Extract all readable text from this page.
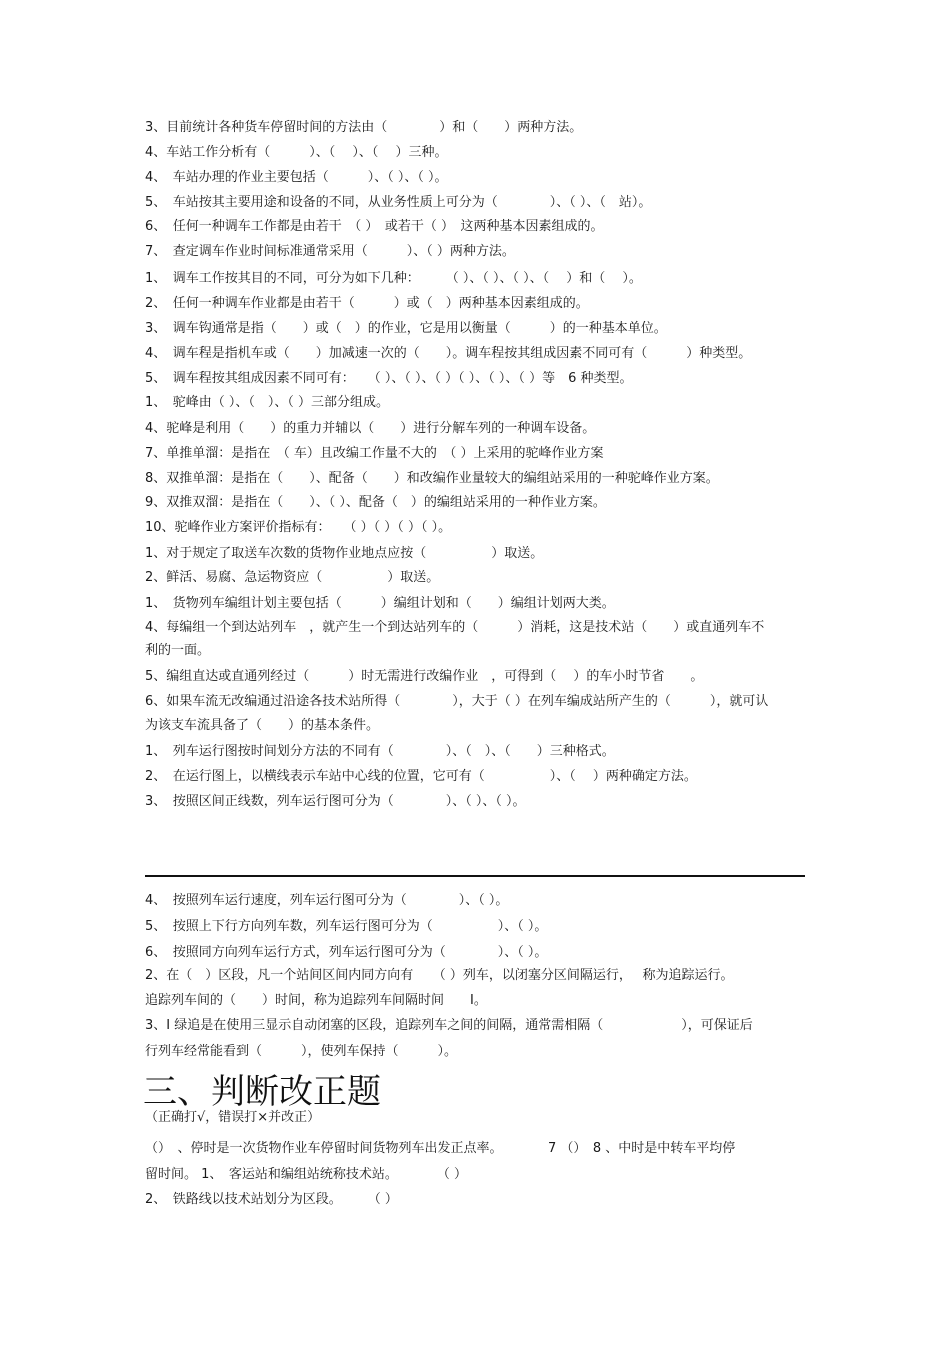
3、目前统计各种货车停留时间的方法由（　　　　）和（　　）两种方法。
4、车站工作分析有（　　　）、（　 ）、（　 ）三种。
4、　车站办理的作业主要包括（　　　）、（ ）、（ ）。
5、　车站按其主要用途和设备的不同，从业务性质上可分为（　　　　）、（ ）、（　站）。
6、　任何一种调车工作都是由若干　（ ）　或若干（ ）　这两种基本因素组成的。
7、　查定调车作业时间标准通常采用（　　　）、（ ）两种方法。
1、　调车工作按其目的不同，可分为如下几种：　　　（ ）、（ ）、（ ）、（　 ）和（　 ）。
2、　任何一种调车作业都是由若干（　　　）或（　）两种基本因素组成的。
3、　调车钩通常是指（　　）或（　）的作业，它是用以衡量（　　　）的一种基本单位。
4、　调车程是指机车或（　　）加减速一次的（　　）。调车程按其组成因素不同可有（　　　）种类型。
5、　调车程按其组成因素不同可有：　　（ ）、（ ）、（ ）（ ）、（ ）、（ ）等　6 种类型。
1、　驼峰由（ ）、（　）、（ ）三部分组成。
4、驼峰是利用（　　）的重力并辅以（　　）进行分解车列的一种调车设备。
7、单推单溜：是指在　（ 车）且改编工作量不大的　（ ）上采用的驼峰作业方案
8、双推单溜：是指在（　　）、配备（　　）和改编作业量较大的编组站采用的一种驼峰作业方案。
9、双推双溜：是指在（　　）、（ ）、配备（　）的编组站采用的一种作业方案。
10、驼峰作业方案评价指标有：　　（ ）（ ）（ ）（ ）。
1、对于规定了取送车次数的货物作业地点应按（　　　　　）取送。
2、鲜活、易腐、急运物资应（　　　　　）取送。
1、　货物列车编组计划主要包括（　　　）编组计划和（　　）编组计划两大类。
4、每编组一个到达站列车　，就产生一个到达站列车的（　　　）消耗，这是技术站（　　）或直通列车不
利的一面。
5、编组直达或直通列经过（　　　）时无需进行改编作业　，可得到（　 ）的车小时节省　　。
6、如果车流无改编通过沿途各技术站所得（　　　　），大于（ ）在列车编成站所产生的（　　　），就可认
为该支车流具备了（　　）的基本条件。
1、　列车运行图按时间划分方法的不同有（　　　　）、（　）、（　　）三种格式。
2、　在运行图上，以横线表示车站中心线的位置，它可有（　　　　　）、（　 ）两种确定方法。
3、　按照区间正线数，列车运行图可分为（　　　　）、（ ）、（ ）。
4、　按照列车运行速度，列车运行图可分为（　　　　）、（ ）。
5、　按照上下行方向列车数，列车运行图可分为（　　　　　）、（ ）。
6、　按照同方向列车运行方式，列车运行图可分为（　　　　）、（ ）。
2、在（　）区段，凡一个站间区间内同方向有　　（ ）列车，以闭塞分区间隔运行，　 称为追踪运行。
追踪列车间的（　　）时间，称为追踪列车间隔时间　　I。
3、I 绿追是在使用三显示自动闭塞的区段，追踪列车之间的间隔，通常需相隔（　　　　　　），可保证后
行列车经常能看到（　　　），使列车保持（　　　）。
三、判断改正题
（正确打√，错误打×并改正）
（）　、停时是一次货物作业车停留时间货物列车出发正点率。　　　　7 （）　8 、中时是中转车平均停
留时间。 1、　客运站和编组站统称技术站。　　　　（ ）
2、　铁路线以技术站划分为区段。　　　（ ）
